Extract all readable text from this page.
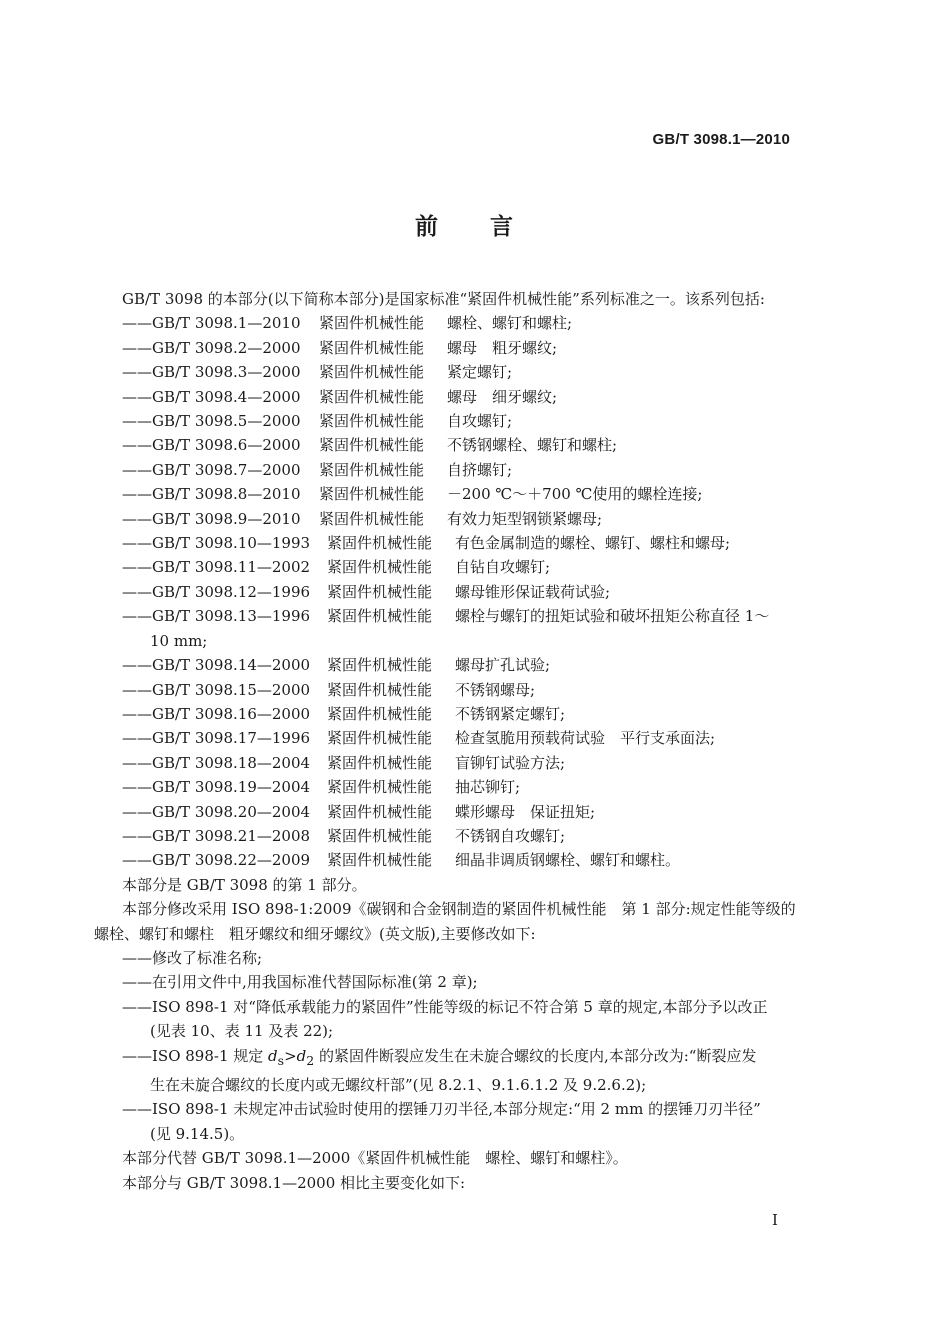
GB/T 3098.1—2010
前 言

GB/T 3098 的本部分(以下简称本部分)是国家标准“紧固件机械性能”系列标准之一。该系列包括:

——GB/T 3098.1—2010 紧固件机械性能 螺栓、螺钉和螺柱;

——GB/T 3098.2—2000 紧固件机械性能 螺母　粗牙螺纹;

——GB/T 3098.3—2000 紧固件机械性能 紧定螺钉;

——GB/T 3098.4—2000 紧固件机械性能 螺母　细牙螺纹;

——GB/T 3098.5—2000 紧固件机械性能 自攻螺钉;

——GB/T 3098.6—2000 紧固件机械性能 不锈钢螺栓、螺钉和螺柱;

——GB/T 3098.7—2000 紧固件机械性能 自挤螺钉;

——GB/T 3098.8—2010 紧固件机械性能 －200 ℃～＋700 ℃使用的螺栓连接;

——GB/T 3098.9—2010 紧固件机械性能 有效力矩型钢锁紧螺母;

——GB/T 3098.10—1993 紧固件机械性能 有色金属制造的螺栓、螺钉、螺柱和螺母;

——GB/T 3098.11—2002 紧固件机械性能 自钻自攻螺钉;

——GB/T 3098.12—1996 紧固件机械性能 螺母锥形保证载荷试验;

——GB/T 3098.13—1996 紧固件机械性能 螺栓与螺钉的扭矩试验和破坏扭矩公称直径 1～

10 mm;

——GB/T 3098.14—2000 紧固件机械性能 螺母扩孔试验;

——GB/T 3098.15—2000 紧固件机械性能 不锈钢螺母;

——GB/T 3098.16—2000 紧固件机械性能 不锈钢紧定螺钉;

——GB/T 3098.17—1996 紧固件机械性能 检查氢脆用预载荷试验　平行支承面法;

——GB/T 3098.18—2004 紧固件机械性能 盲铆钉试验方法;

——GB/T 3098.19—2004 紧固件机械性能 抽芯铆钉;

——GB/T 3098.20—2004 紧固件机械性能 蝶形螺母　保证扭矩;

——GB/T 3098.21—2008 紧固件机械性能 不锈钢自攻螺钉;

——GB/T 3098.22—2009 紧固件机械性能 细晶非调质钢螺栓、螺钉和螺柱。

本部分是 GB/T 3098 的第 1 部分。

本部分修改采用 ISO 898-1:2009《碳钢和合金钢制造的紧固件机械性能　第 1 部分:规定性能等级的螺栓、螺钉和螺柱　粗牙螺纹和细牙螺纹》(英文版),主要修改如下:

——修改了标准名称;

——在引用文件中,用我国标准代替国际标准(第 2 章);

——ISO 898-1 对“降低承载能力的紧固件”性能等级的标记不符合第 5 章的规定,本部分予以改正

(见表 10、表 11 及表 22);

——ISO 898-1 规定 $d_s>d_2$ 的紧固件断裂应发生在未旋合螺纹的长度内,本部分改为:“断裂应发

生在未旋合螺纹的长度内或无螺纹杆部”(见 8.2.1、9.1.6.1.2 及 9.2.6.2);

——ISO 898-1 未规定冲击试验时使用的摆锤刀刃半径,本部分规定:“用 2 mm 的摆锤刀刃半径”

(见 9.14.5)。

本部分代替 GB/T 3098.1—2000《紧固件机械性能　螺栓、螺钉和螺柱》。

本部分与 GB/T 3098.1—2000 相比主要变化如下:

I
